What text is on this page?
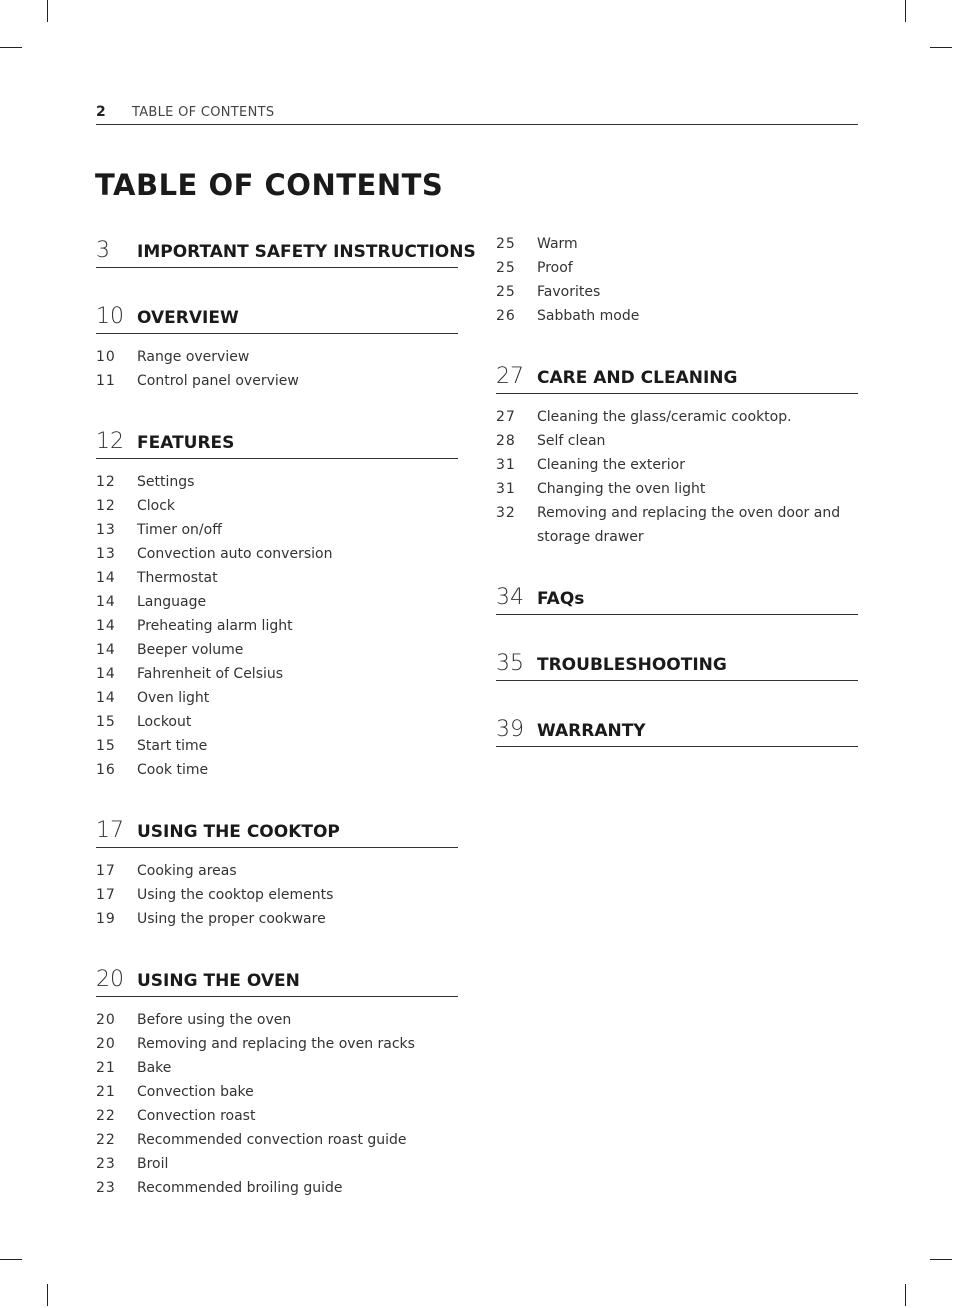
2 TABLE OF CONTENTS
TABLE OF CONTENTS
3 IMPORTANT SAFETY INSTRUCTIONS
10 OVERVIEW
10	Range overview
11	Control panel overview
12 FEATURES
12	Settings
12	Clock
13	Timer on/off
13	Convection auto conversion
14	Thermostat
14	Language
14	Preheating alarm light
14	Beeper volume
14	Fahrenheit of Celsius
14	Oven light
15	Lockout
15	Start time
16	Cook time
17 USING THE COOKTOP
17	Cooking areas
17	Using the cooktop elements
19	Using the proper cookware
20 USING THE OVEN
20	Before using the oven
20	Removing and replacing the oven racks
21	Bake
21	Convection bake
22	Convection roast
22	Recommended convection roast guide
23	Broil
23	Recommended broiling guide
25	Warm
25	Proof
25	Favorites
26	Sabbath mode
27 CARE AND CLEANING
27	Cleaning the glass/ceramic cooktop.
28	Self clean
31	Cleaning the exterior
31	Changing the oven light
32	Removing and replacing the oven door and storage drawer
34 FAQs
35 TROUBLESHOOTING
39 WARRANTY
